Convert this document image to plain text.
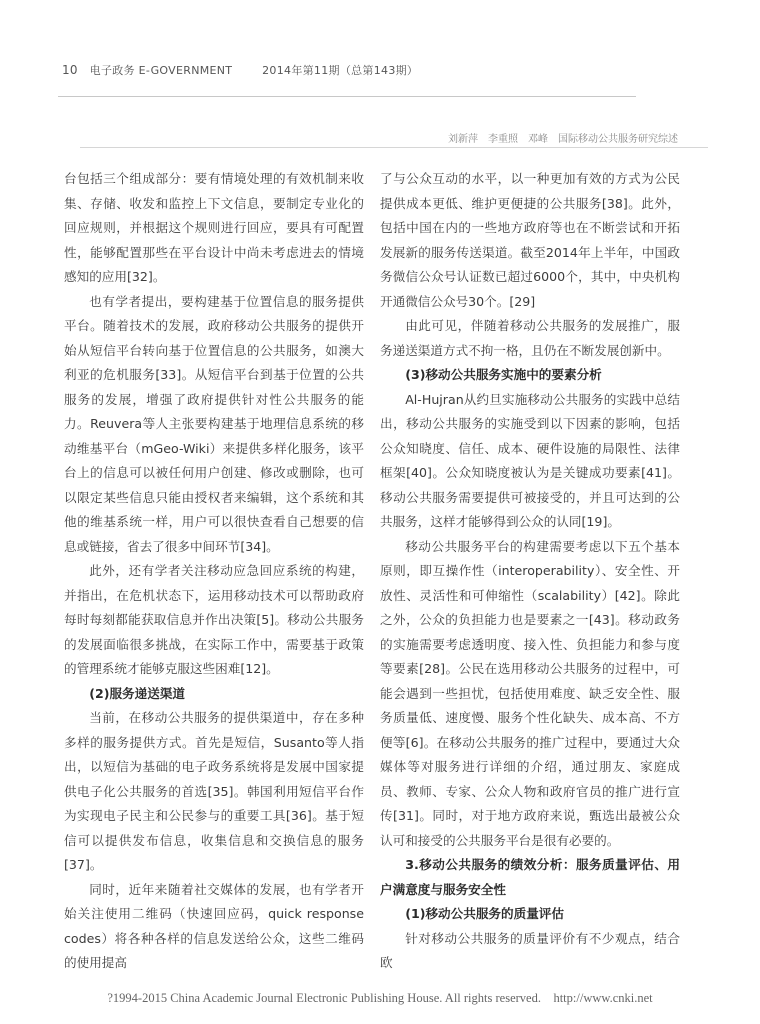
10 电子政务 E-GOVERNMENT	2014年第11期（总第143期）
刘新萍　李重照　邓峰　国际移动公共服务研究综述

台包括三个组成部分：要有情境处理的有效机制来收集、存储、收发和监控上下文信息，要制定专业化的回应规则，并根据这个规则进行回应，要具有可配置性，能够配置那些在平台设计中尚未考虑进去的情境感知的应用[32]。

也有学者提出，要构建基于位置信息的服务提供平台。随着技术的发展，政府移动公共服务的提供开始从短信平台转向基于位置信息的公共服务，如澳大利亚的危机服务[33]。从短信平台到基于位置的公共服务的发展，增强了政府提供针对性公共服务的能力。Reuvera等人主张要构建基于地理信息系统的移动维基平台（mGeo-Wiki）来提供多样化服务，该平台上的信息可以被任何用户创建、修改或删除，也可以限定某些信息只能由授权者来编辑，这个系统和其他的维基系统一样，用户可以很快查看自己想要的信息或链接，省去了很多中间环节[34]。

此外，还有学者关注移动应急回应系统的构建，并指出，在危机状态下，运用移动技术可以帮助政府每时每刻都能获取信息并作出决策[5]。移动公共服务的发展面临很多挑战，在实际工作中，需要基于政策的管理系统才能够克服这些困难[12]。

(2)服务递送渠道

当前，在移动公共服务的提供渠道中，存在多种多样的服务提供方式。首先是短信，Susanto等人指出，以短信为基础的电子政务系统将是发展中国家提供电子化公共服务的首选[35]。韩国利用短信平台作为实现电子民主和公民参与的重要工具[36]。基于短信可以提供发布信息，收集信息和交换信息的服务[37]。

同时，近年来随着社交媒体的发展，也有学者开始关注使用二维码（快速回应码，quick response codes）将各种各样的信息发送给公众，这些二维码的使用提高

了与公众互动的水平，以一种更加有效的方式为公民提供成本更低、维护更便捷的公共服务[38]。此外，包括中国在内的一些地方政府等也在不断尝试和开拓发展新的服务传送渠道。截至2014年上半年，中国政务微信公众号认证数已超过6000个，其中，中央机构开通微信公众号30个。[29]

由此可见，伴随着移动公共服务的发展推广，服务递送渠道方式不拘一格，且仍在不断发展创新中。

(3)移动公共服务实施中的要素分析

Al-Hujran从约旦实施移动公共服务的实践中总结出，移动公共服务的实施受到以下因素的影响，包括公众知晓度、信任、成本、硬件设施的局限性、法律框架[40]。公众知晓度被认为是关键成功要素[41]。移动公共服务需要提供可被接受的，并且可达到的公共服务，这样才能够得到公众的认同[19]。

移动公共服务平台的构建需要考虑以下五个基本原则，即互操作性（interoperability）、安全性、开放性、灵活性和可伸缩性（scalability）[42]。除此之外，公众的负担能力也是要素之一[43]。移动政务的实施需要考虑透明度、接入性、负担能力和参与度等要素[28]。公民在选用移动公共服务的过程中，可能会遇到一些担忧，包括使用难度、缺乏安全性、服务质量低、速度慢、服务个性化缺失、成本高、不方便等[6]。在移动公共服务的推广过程中，要通过大众媒体等对服务进行详细的介绍，通过朋友、家庭成员、教师、专家、公众人物和政府官员的推广进行宣传[31]。同时，对于地方政府来说，甄选出最被公众认可和接受的公共服务平台是很有必要的。

3.移动公共服务的绩效分析：服务质量评估、用户满意度与服务安全性

(1)移动公共服务的质量评估

针对移动公共服务的质量评价有不少观点，结合欧

?1994-2015 China Academic Journal Electronic Publishing House. All rights reserved.　http://www.cnki.net
